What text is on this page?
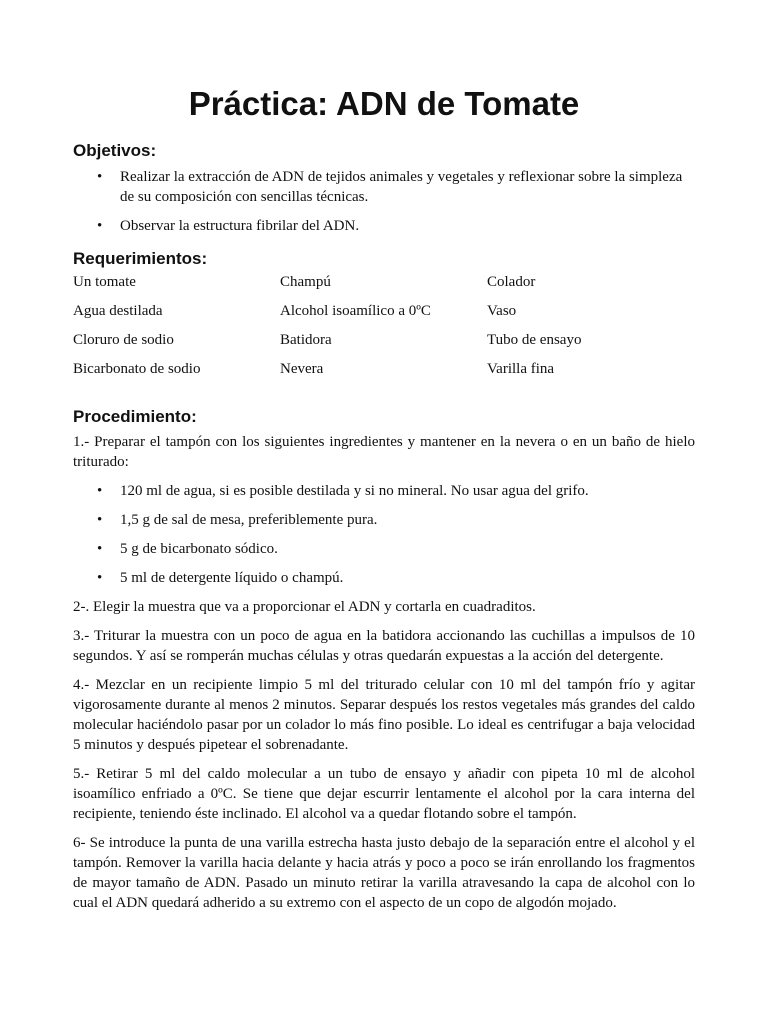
Práctica: ADN de Tomate
Objetivos:
• Realizar la extracción de ADN de tejidos animales y vegetales y reflexionar sobre la simpleza de su composición con sencillas técnicas.
• Observar la estructura fibrilar del ADN.
Requerimientos:
Un tomate	Champú	Colador
Agua destilada	Alcohol isoamílico a 0ºC	Vaso
Cloruro de sodio	Batidora	Tubo de ensayo
Bicarbonato de sodio	Nevera	Varilla fina
Procedimiento:

1.- Preparar el tampón con los siguientes ingredientes y mantener en la nevera o en un baño de hielo triturado:

• 120 ml de agua, si es posible destilada y si no mineral. No usar agua del grifo.
• 1,5 g de sal de mesa, preferiblemente pura.
• 5 g de bicarbonato sódico.
• 5 ml de detergente líquido o champú.

2-. Elegir la muestra que va a proporcionar el ADN y cortarla en cuadraditos.

3.- Triturar la muestra con un poco de agua en la batidora accionando las cuchillas a impulsos de 10 segundos. Y así se romperán muchas células y otras quedarán expuestas a la acción del detergente.

4.- Mezclar en un recipiente limpio 5 ml del triturado celular con 10 ml del tampón frío y agitar vigorosamente durante al menos 2 minutos. Separar después los restos vegetales más grandes del caldo molecular haciéndolo pasar por un colador lo más fino posible. Lo ideal es centrifugar a baja velocidad 5 minutos y después pipetear el sobrenadante.

5.- Retirar 5 ml del caldo molecular a un tubo de ensayo y añadir con pipeta 10 ml de alcohol isoamílico enfriado a 0ºC. Se tiene que dejar escurrir lentamente el alcohol por la cara interna del recipiente, teniendo éste inclinado. El alcohol va a quedar flotando sobre el tampón.

6- Se introduce la punta de una varilla estrecha hasta justo debajo de la separación entre el alcohol y el tampón. Remover la varilla hacia delante y hacia atrás y poco a poco se irán enrollando los fragmentos de mayor tamaño de ADN. Pasado un minuto retirar la varilla atravesando la capa de alcohol con lo cual el ADN quedará adherido a su extremo con el aspecto de un copo de algodón mojado.
